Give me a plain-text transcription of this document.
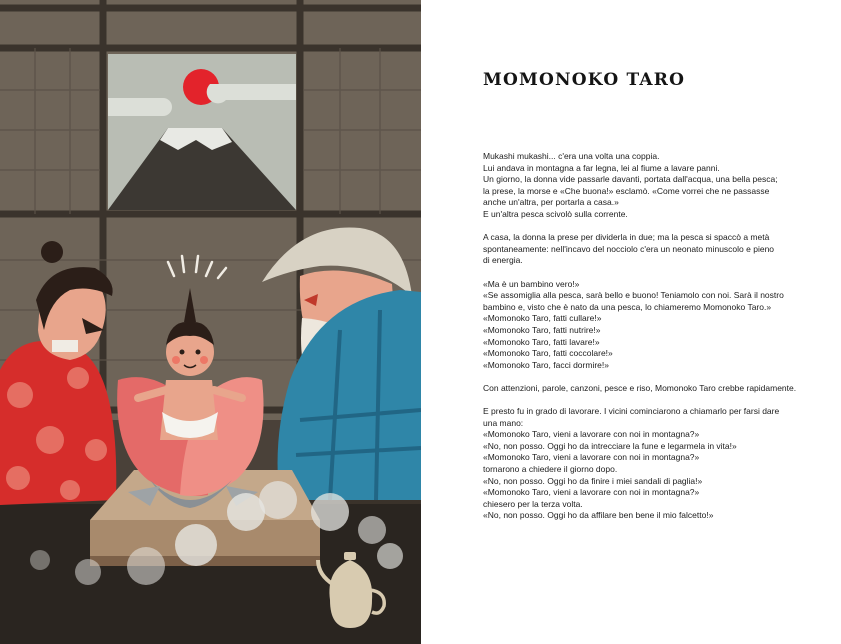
MOMONOKO TARO

Mukashi mukashi... c'era una volta una coppia.
Lui andava in montagna a far legna, lei al fiume a lavare panni.
Un giorno, la donna vide passarle davanti, portata dall'acqua, una bella pesca;
la prese, la morse e «Che buona!» esclamò. «Come vorrei che ne passasse
anche un'altra, per portarla a casa.»
E un'altra pesca scivolò sulla corrente.

A casa, la donna la prese per dividerla in due; ma la pesca si spaccò a metà
spontaneamente: nell'incavo del nocciolo c'era un neonato minuscolo e pieno
di energia.

«Ma è un bambino vero!»
«Se assomiglia alla pesca, sarà bello e buono! Teniamolo con noi. Sarà il nostro
bambino e, visto che è nato da una pesca, lo chiameremo Momonoko Taro.»
«Momonoko Taro, fatti cullare!»
«Momonoko Taro, fatti nutrire!»
«Momonoko Taro, fatti lavare!»
«Momonoko Taro, fatti coccolare!»
«Momonoko Taro, facci dormire!»

Con attenzioni, parole, canzoni, pesce e riso, Momonoko Taro crebbe rapidamente.

E presto fu in grado di lavorare. I vicini cominciarono a chiamarlo per farsi dare
una mano:
«Momonoko Taro, vieni a lavorare con noi in montagna?»
«No, non posso. Oggi ho da intrecciare la fune e legarmela in vita!»
«Momonoko Taro, vieni a lavorare con noi in montagna?»
tornarono a chiedere il giorno dopo.
«No, non posso. Oggi ho da finire i miei sandali di paglia!»
«Momonoko Taro, vieni a lavorare con noi in montagna?»
chiesero per la terza volta.
«No, non posso. Oggi ho da affilare ben bene il mio falcetto!»
